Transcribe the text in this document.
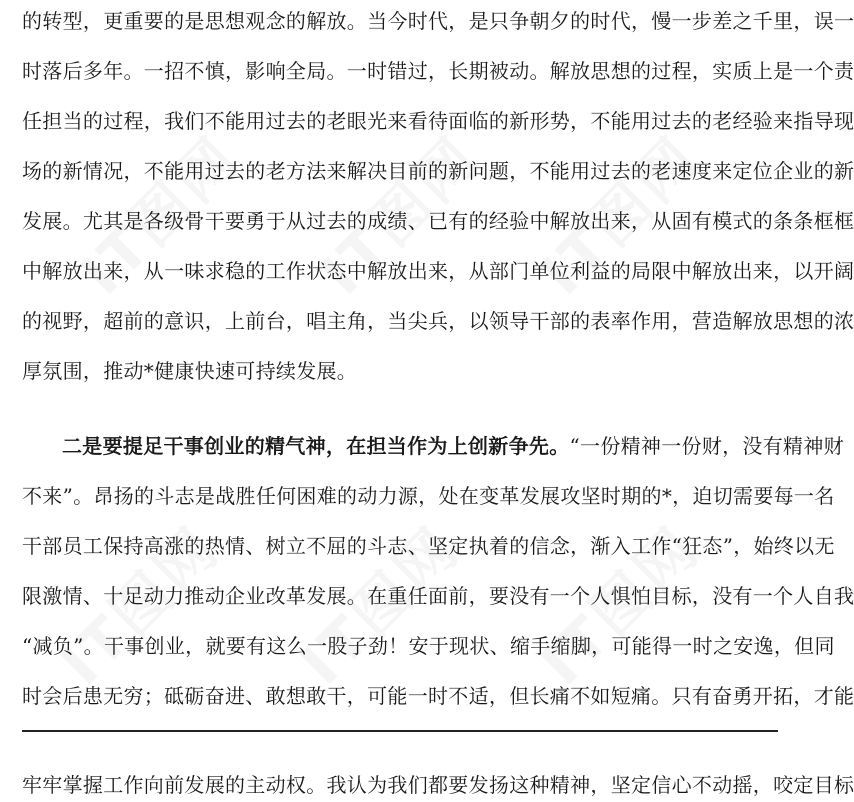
IT图网 IT图网 IT图网
IT图网 IT图网 IT图网
的转型，更重要的是思想观念的解放。当今时代，是只争朝夕的时代，慢一步差之千里，误一
时落后多年。一招不慎，影响全局。一时错过，长期被动。解放思想的过程，实质上是一个责
任担当的过程，我们不能用过去的老眼光来看待面临的新形势，不能用过去的老经验来指导现
场的新情况，不能用过去的老方法来解决目前的新问题，不能用过去的老速度来定位企业的新
发展。尤其是各级骨干要勇于从过去的成绩、已有的经验中解放出来，从固有模式的条条框框
中解放出来，从一味求稳的工作状态中解放出来，从部门单位利益的局限中解放出来，以开阔
的视野，超前的意识，上前台，唱主角，当尖兵，以领导干部的表率作用，营造解放思想的浓
厚氛围，推动*健康快速可持续发展。
二是要提足干事创业的精气神，在担当作为上创新争先。“一份精神一份财，没有精神财
不来”。昂扬的斗志是战胜任何困难的动力源，处在变革发展攻坚时期的*，迫切需要每一名
干部员工保持高涨的热情、树立不屈的斗志、坚定执着的信念，渐入工作“狂态”，始终以无
限激情、十足动力推动企业改革发展。在重任面前，要没有一个人惧怕目标，没有一个人自我
“减负”。干事创业，就要有这么一股子劲！安于现状、缩手缩脚，可能得一时之安逸，但同
时会后患无穷；砥砺奋进、敢想敢干，可能一时不适，但长痛不如短痛。只有奋勇开拓，才能
牢牢掌握工作向前发展的主动权。我认为我们都要发扬这种精神，坚定信心不动摇，咬定目标
